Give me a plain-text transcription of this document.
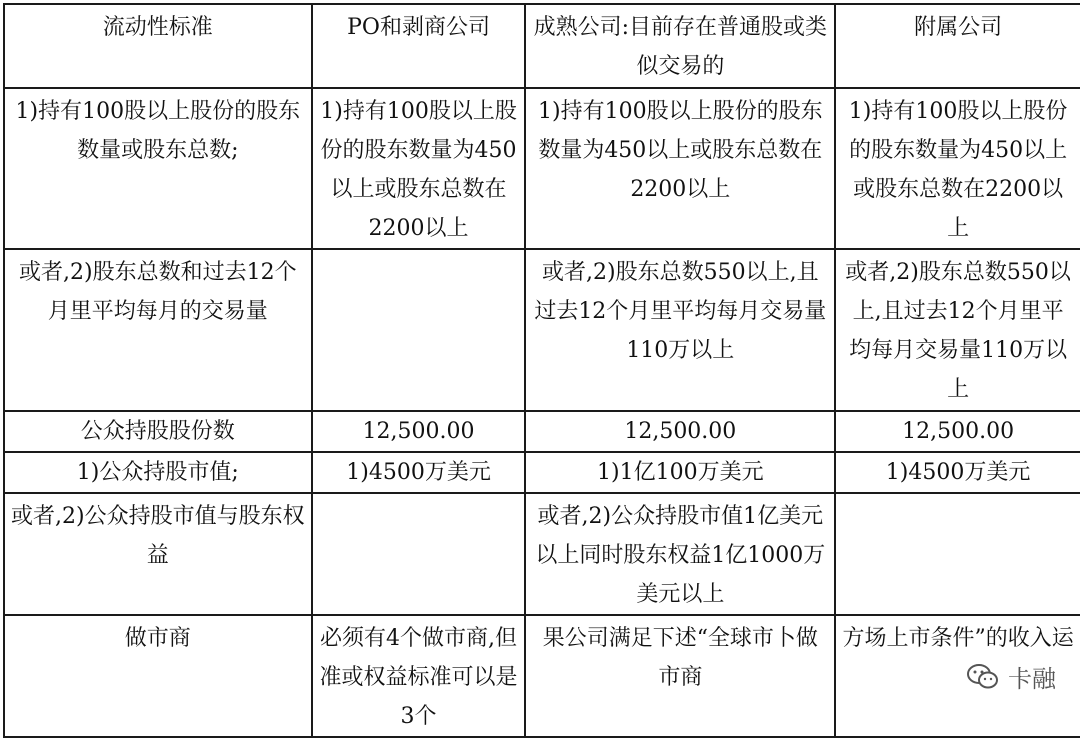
流动性标准	PO和剥商公司	成熟公司:目前存在普通股或类似交易的	附属公司
1)持有100股以上股份的股东数量或股东总数;	1)持有100股以上股份的股东数量为450以上或股东总数在2200以上	1)持有100股以上股份的股东数量为450以上或股东总数在2200以上	1)持有100股以上股份的股东数量为450以上或股东总数在2200以上
或者,2)股东总数和过去12个月里平均每月的交易量		或者,2)股东总数550以上,且过去12个月里平均每月交易量110万以上	或者,2)股东总数550以上,且过去12个月里平均每月交易量110万以上
公众持股股份数	12,500.00	12,500.00	12,500.00
1)公众持股市值;	1)4500万美元	1)1亿100万美元	1)4500万美元
或者,2)公众持股市值与股东权益		或者,2)公众持股市值1亿美元以上同时股东权益1亿1000万美元以上	
做市商	必须有4个做市商,但准或权益标准可以是3个	果公司满足下述“全球市卜做市商	方场上市条件”的收入运
卡融
